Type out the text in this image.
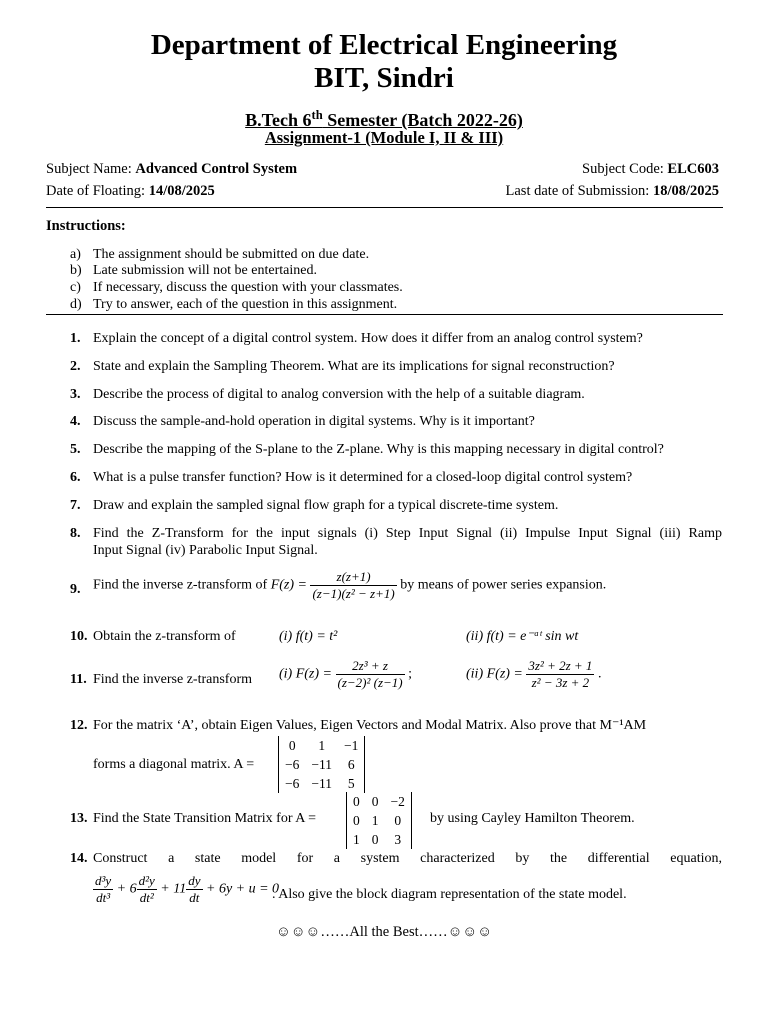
Department of Electrical Engineering
BIT, Sindri
B.Tech 6th Semester (Batch 2022-26)
Assignment-1 (Module I, II & III)
Subject Name: Advanced Control System	Subject Code: ELC603
Date of Floating: 14/08/2025	Last date of Submission: 18/08/2025
Instructions:
a) The assignment should be submitted on due date.
b) Late submission will not be entertained.
c) If necessary, discuss the question with your classmates.
d) Try to answer, each of the question in this assignment.
1. Explain the concept of a digital control system. How does it differ from an analog control system?
2. State and explain the Sampling Theorem. What are its implications for signal reconstruction?
3. Describe the process of digital to analog conversion with the help of a suitable diagram.
4. Discuss the sample-and-hold operation in digital systems. Why is it important?
5. Describe the mapping of the S-plane to the Z-plane. Why is this mapping necessary in digital control?
6. What is a pulse transfer function? How is it determined for a closed-loop digital control system?
7. Draw and explain the sampled signal flow graph for a typical discrete-time system.
8. Find the Z-Transform for the input signals (i) Step Input Signal (ii) Impulse Input Signal (iii) Ramp
Input Signal (iv) Parabolic Input Signal.
9. Find the inverse z-transform of $F(z) = \frac{z(z+1)}{\text{(z−1)(z² − z+1)}}$ by means of power series expansion.
10. Obtain the z-transform of	(i) f(t) = t²	(ii) f(t) = e⁻ᵃᵗ sin wt
11. Find the inverse z-transform	(i) $F(z) = \frac{\text{2z³ + z}}{\text{(z−2)² (z−1)}}$ ;	(ii) $F(z) = \frac{\text{3z² + 2z + 1}}{\text{z² − 3z + 2}}$ .
12. For the matrix ‘A’, obtain Eigen Values, Eigen Vectors and Modal Matrix. Also prove that M⁻¹AM
forms a diagonal matrix. A =
0	1	−1
−6	−11	6
−6	−11	5
13. Find the State Transition Matrix for A =	by using Cayley Hamilton Theorem.
0	0	−2
0	1	0
1	0	3
14. Construct a state model for a system characterized by the differential equation,
$\frac{\text{d³y}}{\text{dt³}} + 6 \frac{\text{d²y}}{\text{dt²}} + 11 \frac{dy}{dt} + 6y + u = 0$
. Also give the block diagram representation of the state model.
☺☺☺……All the Best……☺☺☺
